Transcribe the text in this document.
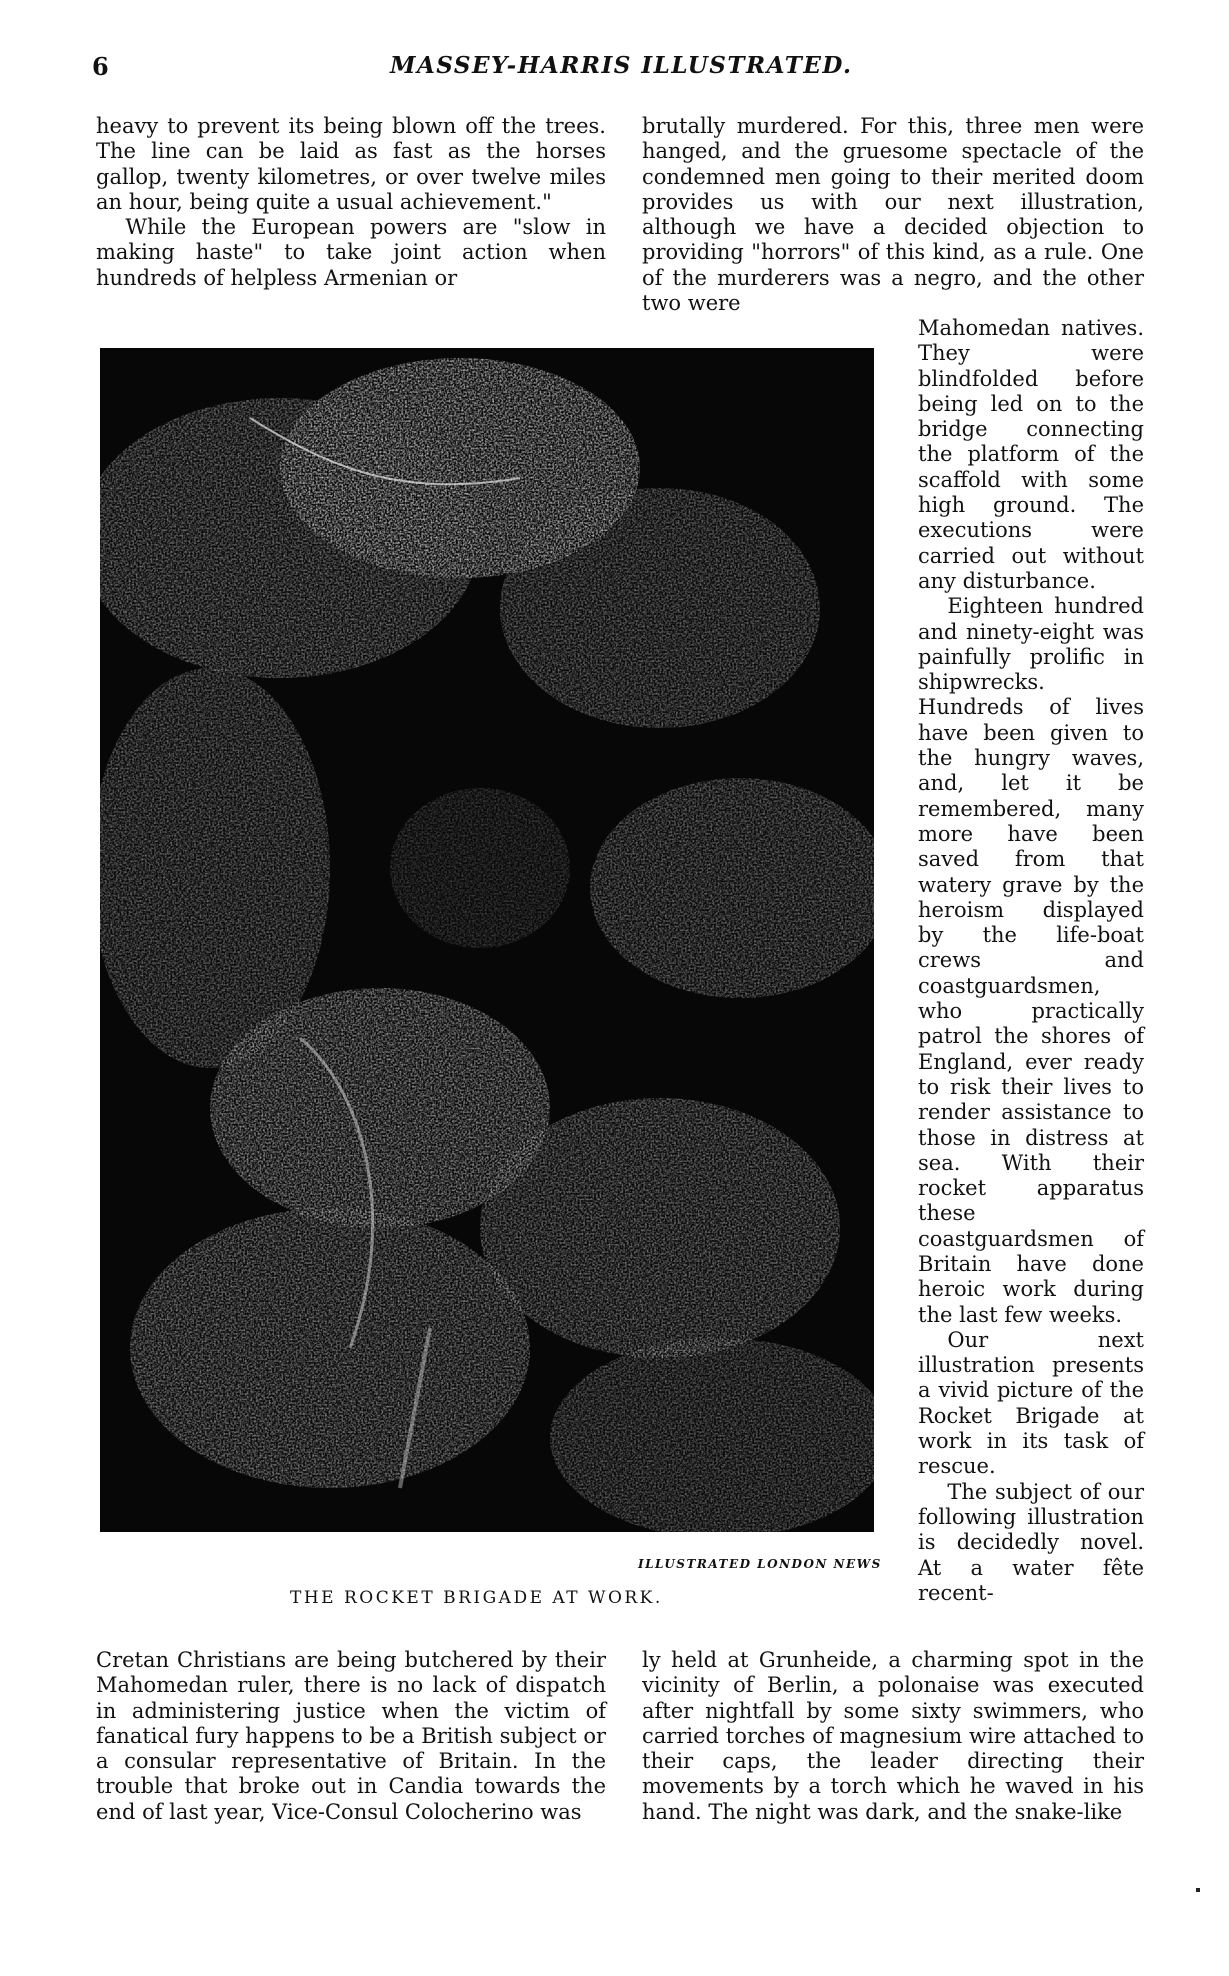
6	MASSEY-HARRIS ILLUSTRATED.

heavy to prevent its being blown off the trees. The line can be laid as fast as the horses gallop, twenty kilometres, or over twelve miles an hour, being quite a usual achievement."

While the European powers are "slow in making haste" to take joint action when hundreds of helpless Armenian or

brutally murdered. For this, three men were hanged, and the gruesome spectacle of the condemned men going to their merited doom provides us with our next illustration, although we have a decided objection to providing "horrors" of this kind, as a rule. One of the murderers was a negro, and the other two were

Mahomedan natives. They were blindfolded before being led on to the bridge connecting the platform of the scaffold with some high ground. The executions were carried out without any disturbance.

Eighteen hundred and ninety-eight was painfully prolific in shipwrecks. Hundreds of lives have been given to the hungry waves, and, let it be remembered, many more have been saved from that watery grave by the heroism displayed by the life-boat crews and coastguardsmen, who practically patrol the shores of England, ever ready to risk their lives to render assistance to those in distress at sea. With their rocket apparatus these coastguardsmen of Britain have done heroic work during the last few weeks.

Our next illustration presents a vivid picture of the Rocket Brigade at work in its task of rescue.

The subject of our following illustration is decidedly novel. At a water fête recent-

ILLUSTRATED LONDON NEWS
THE ROCKET BRIGADE AT WORK.

Cretan Christians are being butchered by their Mahomedan ruler, there is no lack of dispatch in administering justice when the victim of fanatical fury happens to be a British subject or a consular representative of Britain. In the trouble that broke out in Candia towards the end of last year, Vice-Consul Colocherino was

ly held at Grunheide, a charming spot in the vicinity of Berlin, a polonaise was executed after nightfall by some sixty swimmers, who carried torches of magnesium wire attached to their caps, the leader directing their movements by a torch which he waved in his hand. The night was dark, and the snake-like
